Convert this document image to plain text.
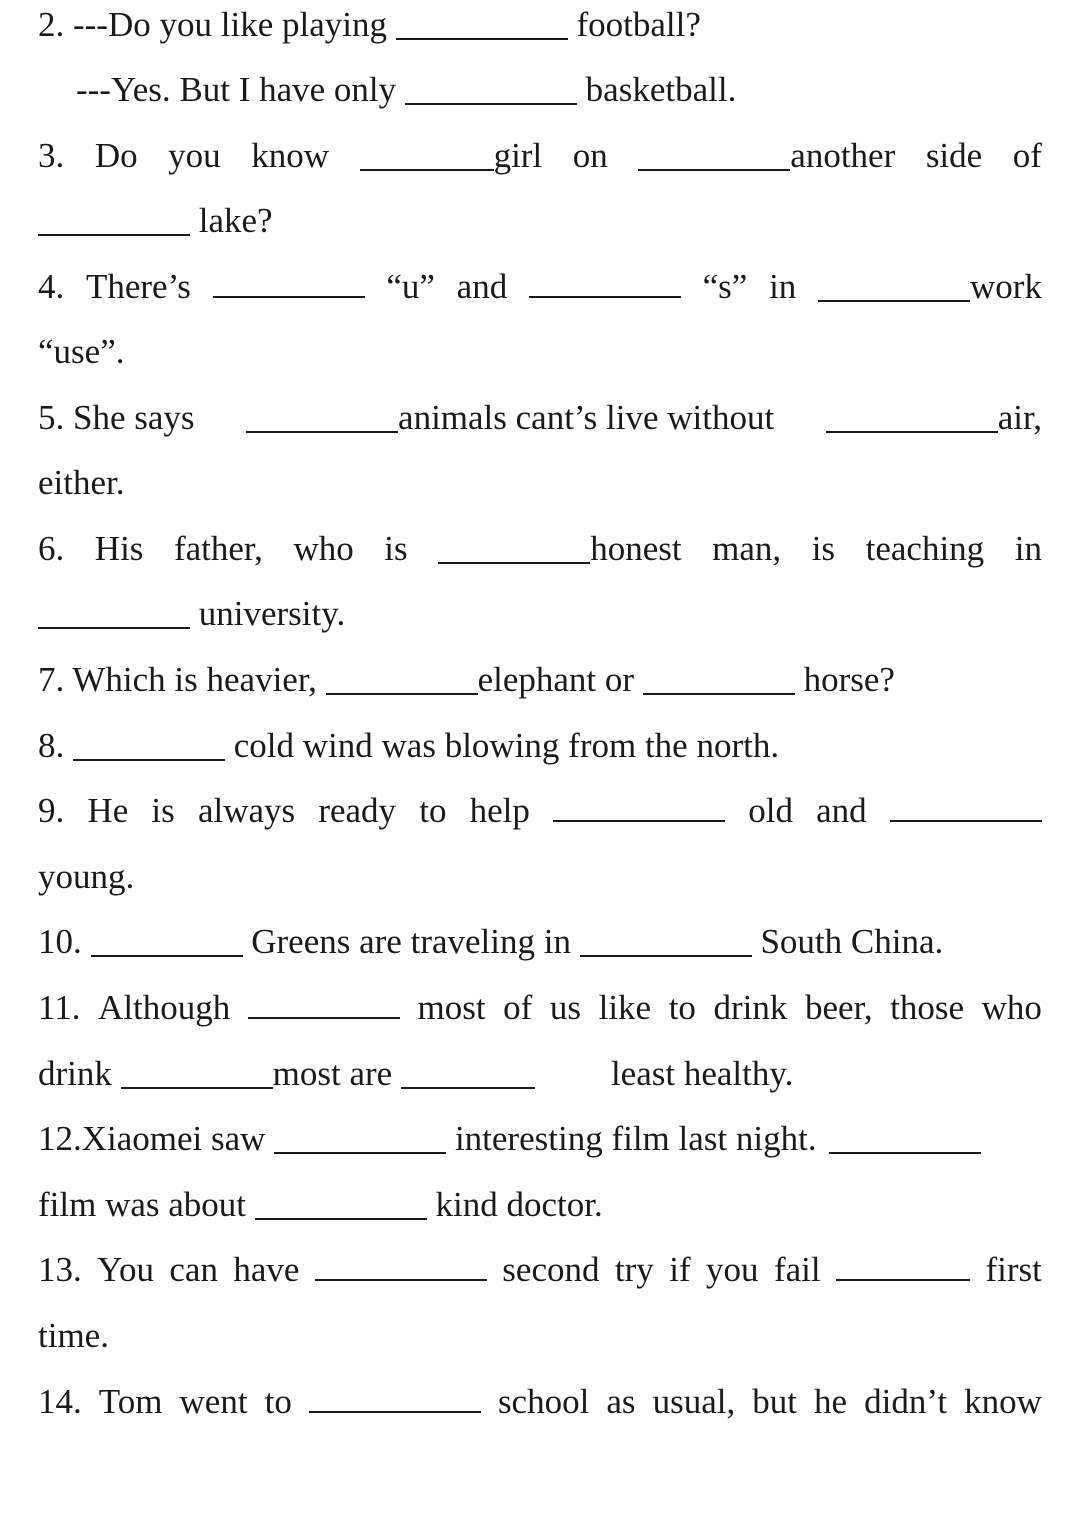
2. ---Do you like playing	football?
---Yes. But I have only	basketball.
3. Do you know	girl on	another side of
lake?
4. There’s	“u” and	“s” in	work
“use”.
5. She says	animals cant’s live without	air,
either.
6. His father, who is	honest man, is teaching in
university.
7. Which is heavier,	elephant or	horse?
8.	cold wind was blowing from the north.
9. He is always ready to help	old and
young.
10.	Greens are traveling in	South China.
11. Although	most of us like to drink beer, those who
drink	most are	least healthy.
12.Xiaomei saw	interesting film last night.
film was about	kind doctor.
13. You can have	second try if you fail	first
time.
14. Tom went to	school as usual, but he didn’t know
